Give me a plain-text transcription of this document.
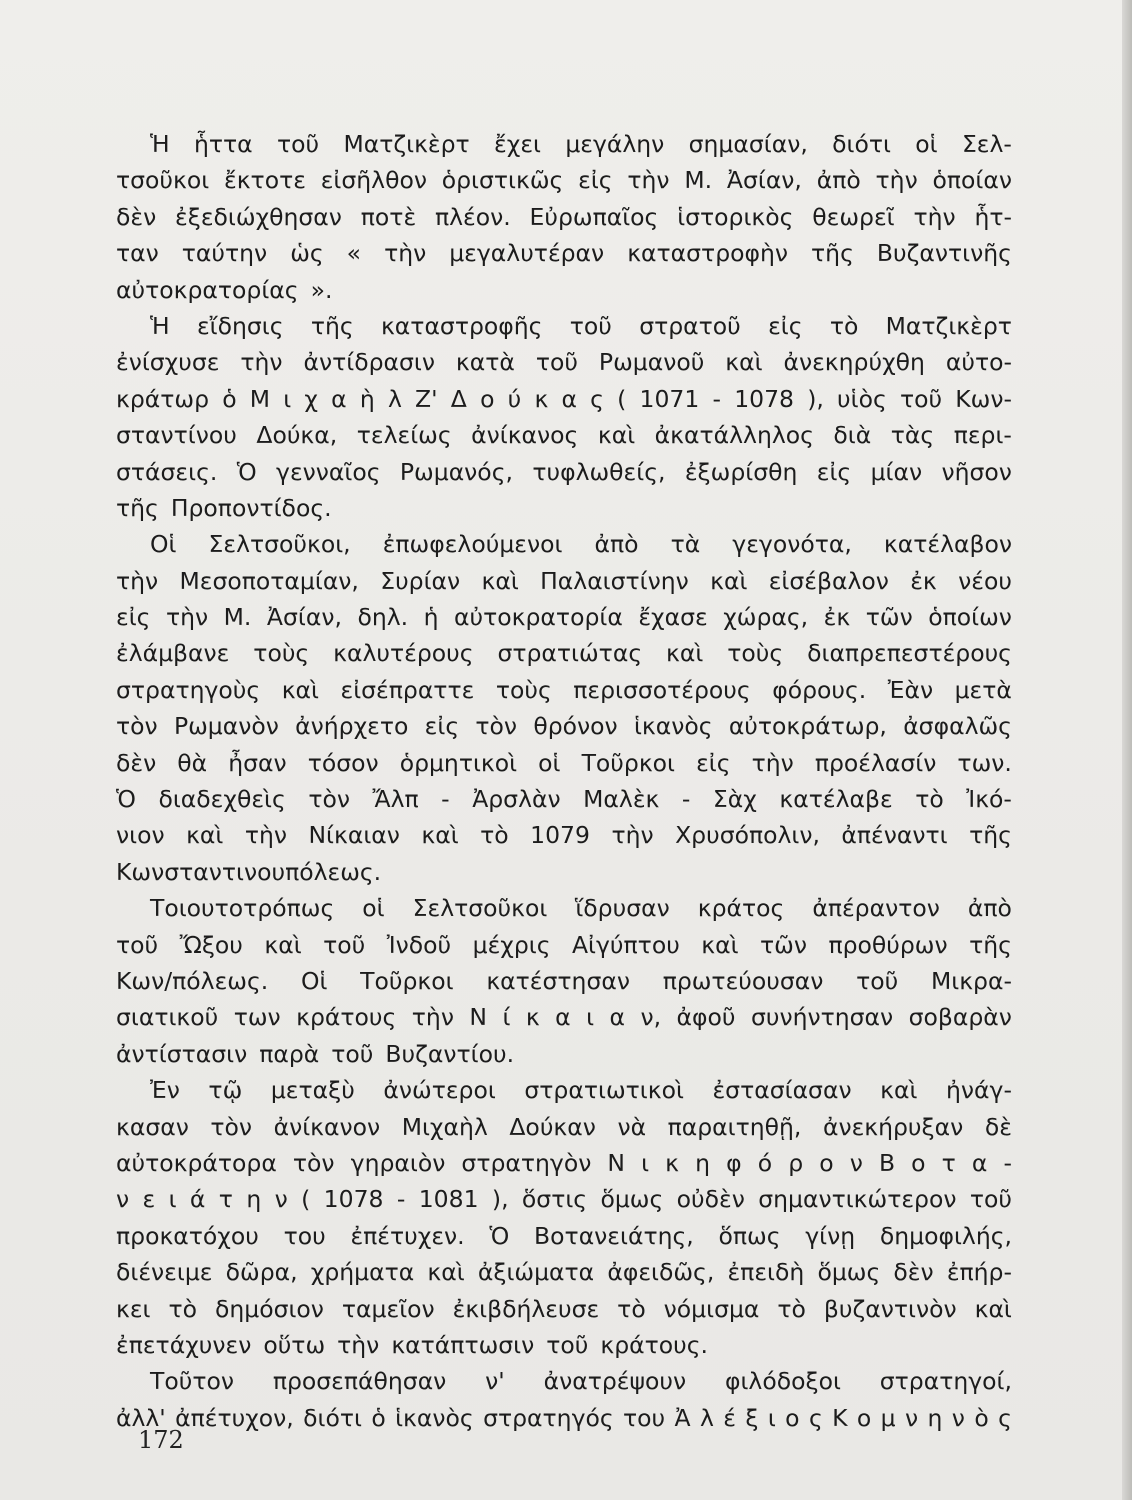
Ἡ ἧττα τοῦ Ματζικὲρτ ἔχει μεγάλην σημασίαν, διότι οἱ Σελ-
τσοῦκοι ἔκτοτε εἰσῆλθον ὁριστικῶς εἰς τὴν Μ. Ἀσίαν, ἀπὸ τὴν ὁποίαν
δὲν ἐξεδιώχθησαν ποτὲ πλέον. Εὐρωπαῖος ἱστορικὸς θεωρεῖ τὴν ἧτ-
ταν ταύτην ὡς « τὴν μεγαλυτέραν καταστροφὴν τῆς Βυζαντινῆς
αὐτοκρατορίας ».
Ἡ εἴδησις τῆς καταστροφῆς τοῦ στρατοῦ εἰς τὸ Ματζικὲρτ
ἐνίσχυσε τὴν ἀντίδρασιν κατὰ τοῦ Ρωμανοῦ καὶ ἀνεκηρύχθη αὐτο-
κράτωρ ὁ Μ ι χ α ὴ λ Ζ' Δ ο ύ κ α ς ( 1071 - 1078 ), υἱὸς τοῦ Κων-
σταντίνου Δούκα, τελείως ἀνίκανος καὶ ἀκατάλληλος διὰ τὰς περι-
στάσεις. Ὁ γενναῖος Ρωμανός, τυφλωθείς, ἐξωρίσθη εἰς μίαν νῆσον
τῆς Προποντίδος.
Οἱ Σελτσοῦκοι, ἐπωφελούμενοι ἀπὸ τὰ γεγονότα, κατέλαβον
τὴν Μεσοποταμίαν, Συρίαν καὶ Παλαιστίνην καὶ εἰσέβαλον ἐκ νέου
εἰς τὴν Μ. Ἀσίαν, δηλ. ἡ αὐτοκρατορία ἔχασε χώρας, ἐκ τῶν ὁποίων
ἐλάμβανε τοὺς καλυτέρους στρατιώτας καὶ τοὺς διαπρεπεστέρους
στρατηγοὺς καὶ εἰσέπραττε τοὺς περισσοτέρους φόρους. Ἐὰν μετὰ
τὸν Ρωμανὸν ἀνήρχετο εἰς τὸν θρόνον ἱκανὸς αὐτοκράτωρ, ἀσφαλῶς
δὲν θὰ ἦσαν τόσον ὁρμητικοὶ οἱ Τοῦρκοι εἰς τὴν προέλασίν των.
Ὁ διαδεχθεὶς τὸν Ἄλπ - Ἀρσλὰν Μαλὲκ - Σὰχ κατέλαβε τὸ Ἰκό-
νιον καὶ τὴν Νίκαιαν καὶ τὸ 1079 τὴν Χρυσόπολιν, ἀπέναντι τῆς
Κωνσταντινουπόλεως.
Τοιουτοτρόπως οἱ Σελτσοῦκοι ἵδρυσαν κράτος ἀπέραντον ἀπὸ
τοῦ Ὤξου καὶ τοῦ Ἰνδοῦ μέχρις Αἰγύπτου καὶ τῶν προθύρων τῆς
Κων/πόλεως. Οἱ Τοῦρκοι κατέστησαν πρωτεύουσαν τοῦ Μικρα-
σιατικοῦ των κράτους τὴν Ν ί κ α ι α ν, ἀφοῦ συνήντησαν σοβαρὰν
ἀντίστασιν παρὰ τοῦ Βυζαντίου.
Ἐν τῷ μεταξὺ ἀνώτεροι στρατιωτικοὶ ἐστασίασαν καὶ ἠνάγ-
κασαν τὸν ἀνίκανον Μιχαὴλ Δούκαν νὰ παραιτηθῇ, ἀνεκήρυξαν δὲ
αὐτοκράτορα τὸν γηραιὸν στρατηγὸν Ν ι κ η φ ό ρ ο ν Β ο τ α -
ν ε ι ά τ η ν ( 1078 - 1081 ), ὅστις ὅμως οὐδὲν σημαντικώτερον τοῦ
προκατόχου του ἐπέτυχεν. Ὁ Βοτανειάτης, ὅπως γίνῃ δημοφιλής,
διένειμε δῶρα, χρήματα καὶ ἀξιώματα ἀφειδῶς, ἐπειδὴ ὅμως δὲν ἐπήρ-
κει τὸ δημόσιον ταμεῖον ἐκιβδήλευσε τὸ νόμισμα τὸ βυζαντινὸν καὶ
ἐπετάχυνεν οὕτω τὴν κατάπτωσιν τοῦ κράτους.
Τοῦτον προσεπάθησαν ν' ἀνατρέψουν φιλόδοξοι στρατηγοί,
ἀλλ' ἀπέτυχον, διότι ὁ ἱκανὸς στρατηγός του Ἀ λ έ ξ ι ο ς Κ ο μ ν η ν ὸ ς
172
